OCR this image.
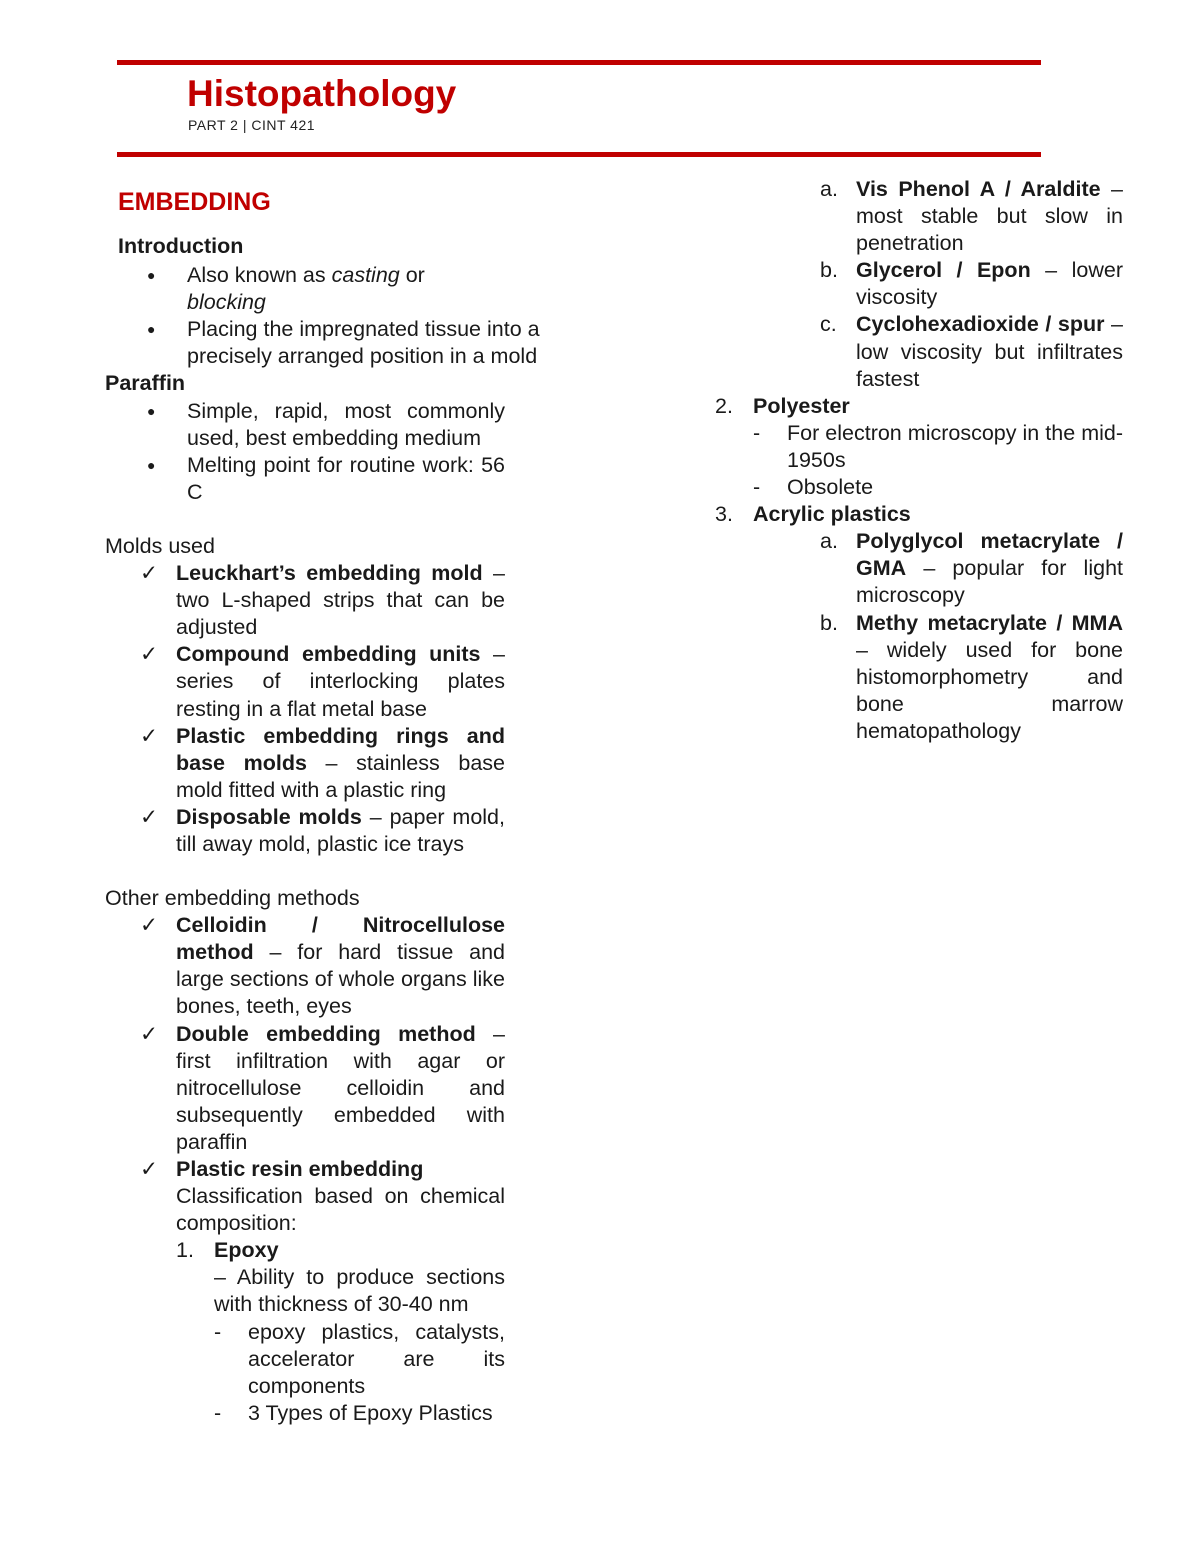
Histopathology
PART 2 | CINT 421
EMBEDDING
Introduction
●	Also known as casting or blocking
●	Placing the impregnated tissue into a precisely arranged position in a mold
Paraffin
●	Simple, rapid, most commonly used, best embedding medium
●	Melting point for routine work: 56 C
Molds used
✓ Leuckhart’s embedding mold – two L-shaped strips that can be adjusted
✓ Compound embedding units – series of interlocking plates resting in a flat metal base
✓ Plastic embedding rings and base molds – stainless base mold fitted with a plastic ring
✓ Disposable molds – paper mold, till away mold, plastic ice trays
Other embedding methods
✓ Celloidin / Nitrocellulose method – for hard tissue and large sections of whole organs like bones, teeth, eyes
✓ Double embedding method – first infiltration with agar or nitrocellulose celloidin and subsequently embedded with paraffin
✓ Plastic resin embedding
Classification based on chemical composition:
1. Epoxy
– Ability to produce sections with thickness of 30-40 nm
-	epoxy plastics, catalysts, accelerator are its components
-	3 Types of Epoxy Plastics
a. Vis Phenol A / Araldite – most stable but slow in penetration
b. Glycerol / Epon – lower viscosity
c. Cyclohexadioxide / spur – low viscosity but infiltrates fastest
2. Polyester
-	For electron microscopy in the mid-1950s
-	Obsolete
3. Acrylic plastics
a. Polyglycol metacrylate / GMA – popular for light microscopy
b. Methy metacrylate / MMA – widely used for bone histomorphometry and bone marrow hematopathology
